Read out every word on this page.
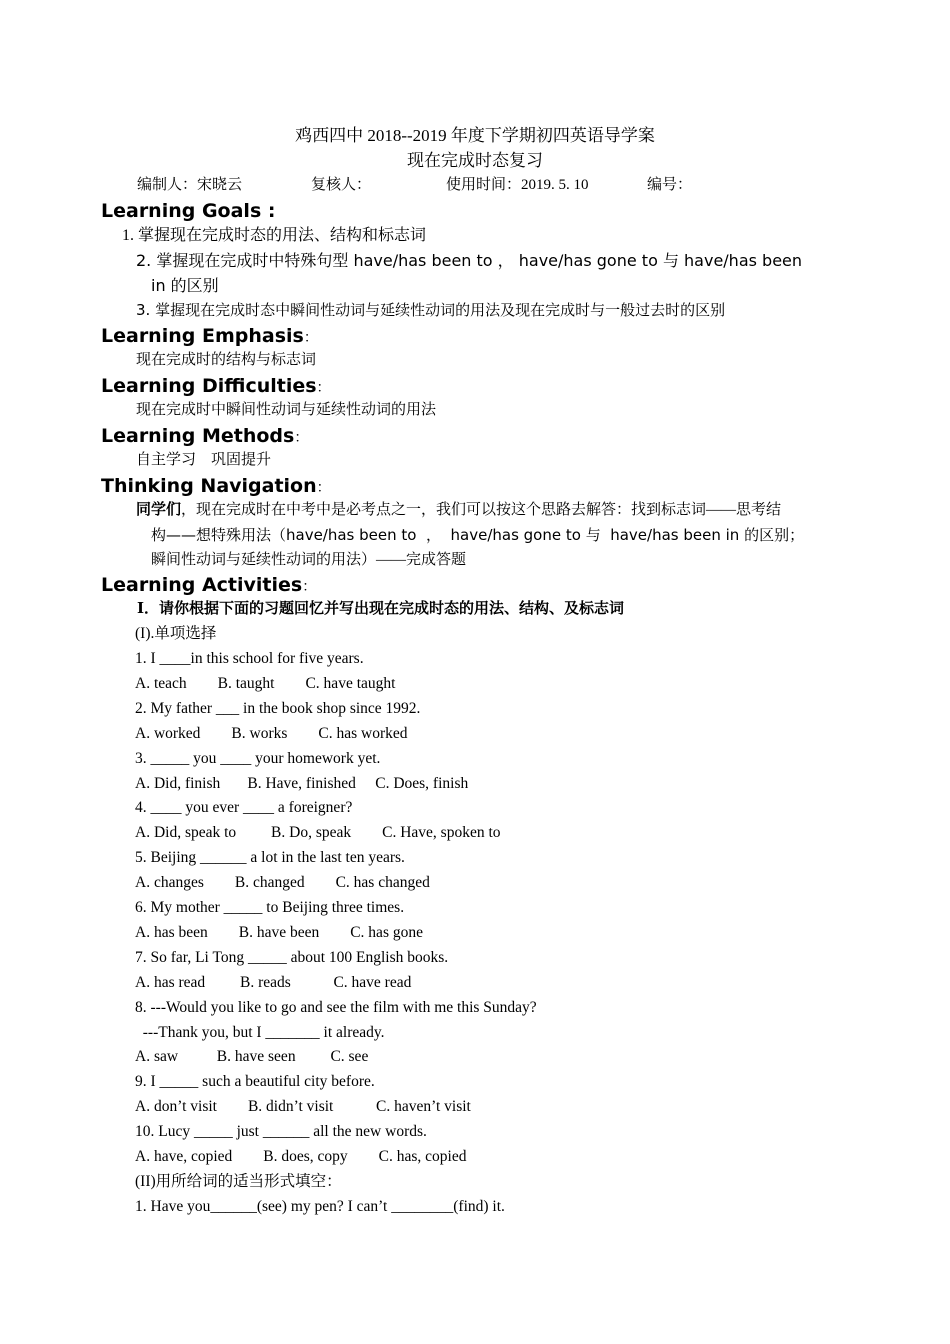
鸡西四中 2018--2019 年度下学期初四英语导学案
现在完成时态复习
编制人：宋晓云	复核人：	使用时间：2019. 5. 10	编号：
Learning Goals :
1. 掌握现在完成时态的用法、结构和标志词
2. 掌握现在完成时中特殊句型 have/has been to ， have/has gone to 与 have/has been
in 的区别
3. 掌握现在完成时态中瞬间性动词与延续性动词的用法及现在完成时与一般过去时的区别
Learning Emphasis：
现在完成时的结构与标志词
Learning Difficulties：
现在完成时中瞬间性动词与延续性动词的用法
Learning Methods：
自主学习    巩固提升
Thinking Navigation：
同学们，现在完成时在中考中是必考点之一，我们可以按这个思路去解答：找到标志词——思考结
构——想特殊用法（have/has been to  ，  have/has gone to 与  have/has been in 的区别；
瞬间性动词与延续性动词的用法）——完成答题
Learning Activities：
Ⅰ．请你根据下面的习题回忆并写出现在完成时态的用法、结构、及标志词
(I).单项选择
1. I ____in this school for five years.
A. teach        B. taught        C. have taught
2. My father ___ in the book shop since 1992.
A. worked        B. works        C. has worked
3. _____ you ____ your homework yet.
A. Did, finish       B. Have, finished     C. Does, finish
4. ____ you ever ____ a foreigner?
A. Did, speak to         B. Do, speak        C. Have, spoken to
5. Beijing ______ a lot in the last ten years.
A. changes        B. changed        C. has changed
6. My mother _____ to Beijing three times.
A. has been        B. have been        C. has gone
7. So far, Li Tong _____ about 100 English books.
A. has read         B. reads           C. have read
8. ---Would you like to go and see the film with me this Sunday?
---Thank you, but I _______ it already.
A. saw          B. have seen         C. see
9. I _____ such a beautiful city before.
A. don’t visit        B. didn’t visit           C. haven’t visit
10. Lucy _____ just ______ all the new words.
A. have, copied        B. does, copy        C. has, copied
(II)用所给词的适当形式填空：
1. Have you______(see) my pen? I can’t ________(find) it.
